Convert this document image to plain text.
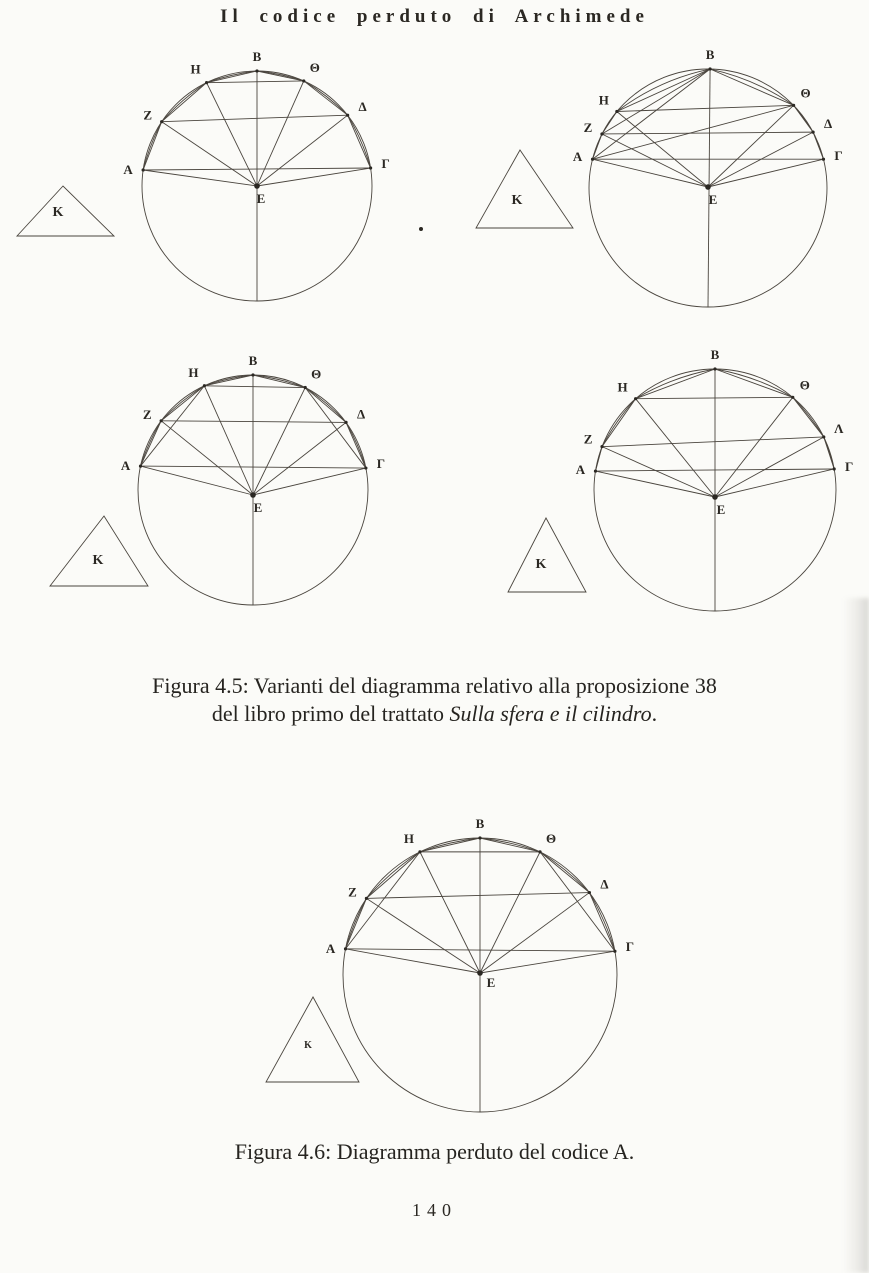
Il codice perduto di Archimede
A
Z
H
B
Θ
Δ
Γ
E
K
A
Z
H
B
Θ
Δ
Γ
E
K
A
Z
H
B
Θ
Δ
Γ
E
K
A
Z
H
B
Θ
Λ
Γ
E
K
A
Z
H
B
Θ
Δ
Γ
E
K
Figura 4.5: Varianti del diagramma relativo alla proposizione 38
del libro primo del trattato Sulla sfera e il cilindro.
Figura 4.6: Diagramma perduto del codice A.
140
